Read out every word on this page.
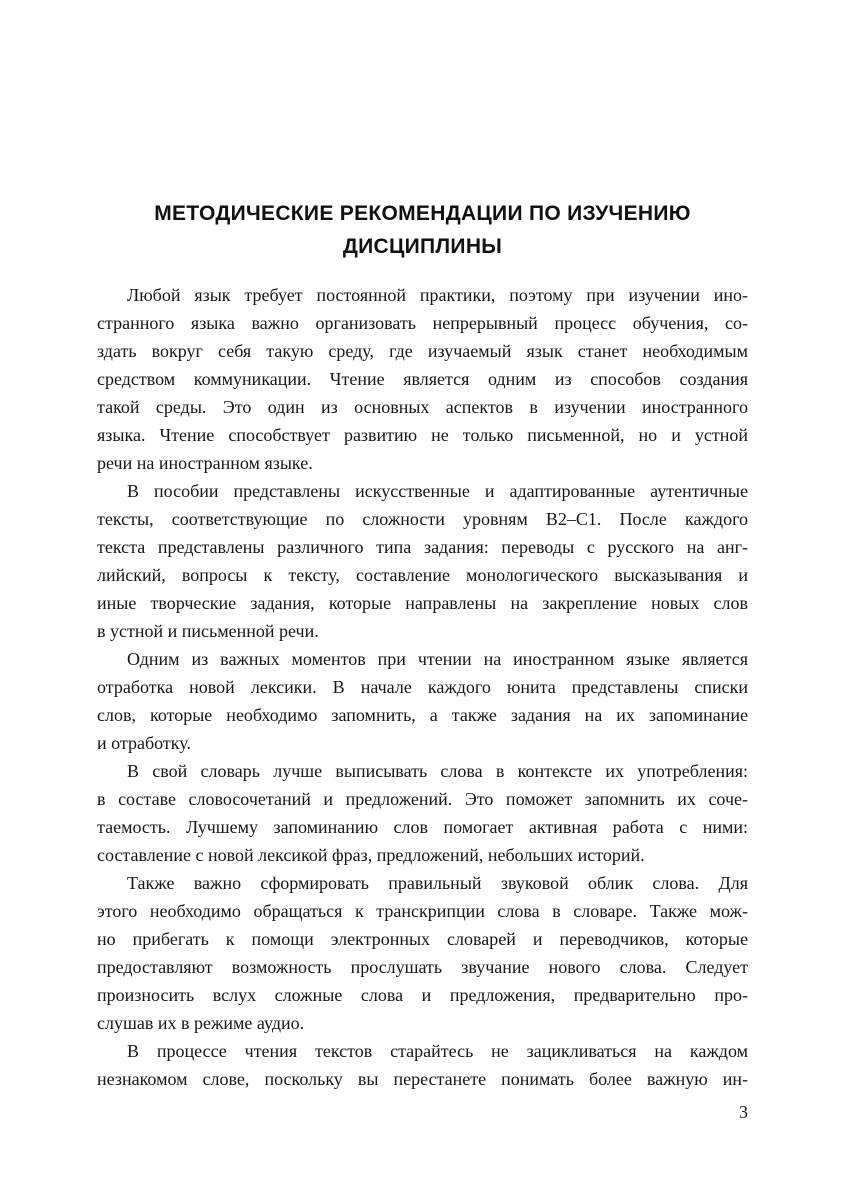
МЕТОДИЧЕСКИЕ РЕКОМЕНДАЦИИ ПО ИЗУЧЕНИЮ
ДИСЦИПЛИНЫ

Любой язык требует постоянной практики, поэтому при изучении ино-
странного языка важно организовать непрерывный процесс обучения, со-
здать вокруг себя такую среду, где изучаемый язык станет необходимым
средством коммуникации. Чтение является одним из способов создания
такой среды. Это один из основных аспектов в изучении иностранного
языка. Чтение способствует развитию не только письменной, но и устной
речи на иностранном языке.

В пособии представлены искусственные и адаптированные аутентичные
тексты, соответствующие по сложности уровням B2–C1. После каждого
текста представлены различного типа задания: переводы с русского на анг-
лийский, вопросы к тексту, составление монологического высказывания и
иные творческие задания, которые направлены на закрепление новых слов
в устной и письменной речи.

Одним из важных моментов при чтении на иностранном языке является
отработка новой лексики. В начале каждого юнита представлены списки
слов, которые необходимо запомнить, а также задания на их запоминание
и отработку.

В свой словарь лучше выписывать слова в контексте их употребления:
в составе словосочетаний и предложений. Это поможет запомнить их соче-
таемость. Лучшему запоминанию слов помогает активная работа с ними:
составление с новой лексикой фраз, предложений, небольших историй.

Также важно сформировать правильный звуковой облик слова. Для
этого необходимо обращаться к транскрипции слова в словаре. Также мож-
но прибегать к помощи электронных словарей и переводчиков, которые
предоставляют возможность прослушать звучание нового слова. Следует
произносить вслух сложные слова и предложения, предварительно про-
слушав их в режиме аудио.

В процессе чтения текстов старайтесь не зацикливаться на каждом
незнакомом слове, поскольку вы перестанете понимать более важную ин-

3
